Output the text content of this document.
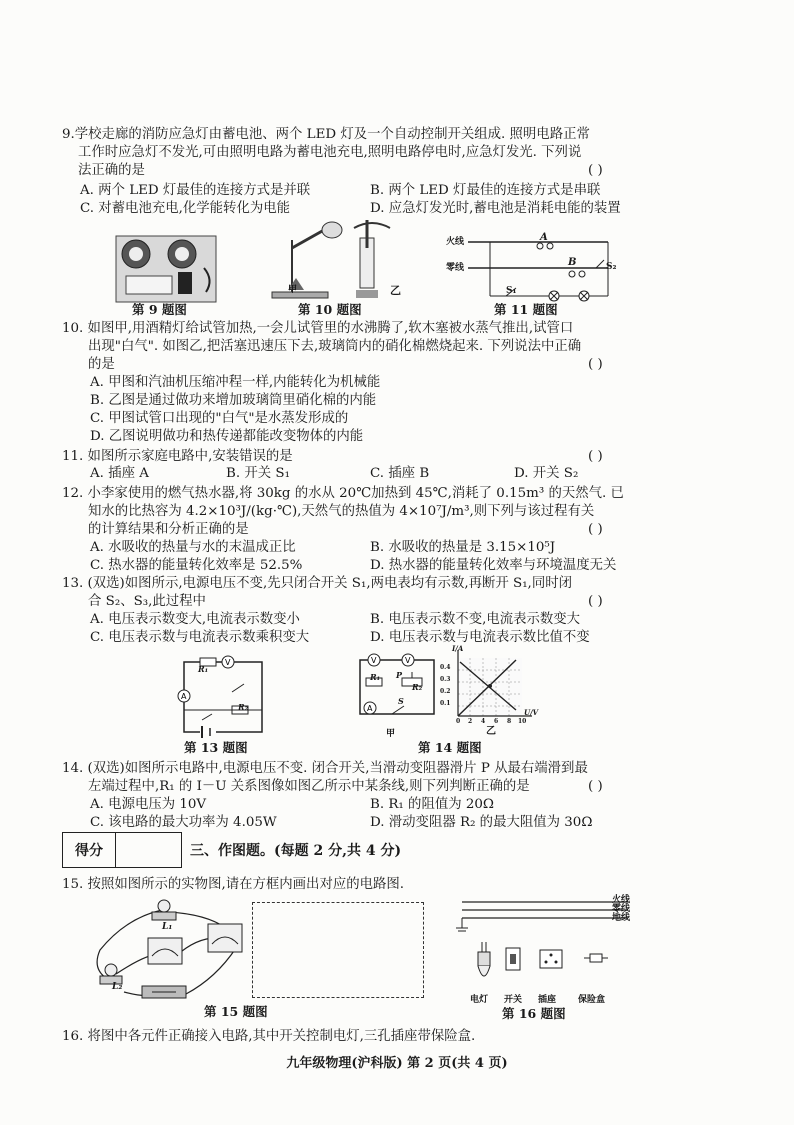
9.学校走廊的消防应急灯由蓄电池、两个 LED 灯及一个自动控制开关组成. 照明电路正常
工作时应急灯不发光,可由照明电路为蓄电池充电,照明电路停电时,应急灯发光. 下列说
法正确的是	( )
A. 两个 LED 灯最佳的连接方式是并联	B. 两个 LED 灯最佳的连接方式是串联
C. 对蓄电池充电,化学能转化为电能	D. 应急灯发光时,蓄电池是消耗电能的装置
第 9 题图
甲	乙
第 10 题图
火线
零线
A
B
S₁
S₂
第 11 题图
10. 如图甲,用酒精灯给试管加热,一会儿试管里的水沸腾了,软木塞被水蒸气推出,试管口
出现"白气". 如图乙,把活塞迅速压下去,玻璃筒内的硝化棉燃烧起来. 下列说法中正确
的是	( )
A. 甲图和汽油机压缩冲程一样,内能转化为机械能
B. 乙图是通过做功来增加玻璃筒里硝化棉的内能
C. 甲图试管口出现的"白气"是水蒸发形成的
D. 乙图说明做功和热传递都能改变物体的内能
11. 如图所示家庭电路中,安装错误的是	( )
A. 插座 A	B. 开关 S₁	C. 插座 B	D. 开关 S₂
12. 小李家使用的燃气热水器,将 30kg 的水从 20℃加热到 45℃,消耗了 0.15m³ 的天然气. 已
知水的比热容为 4.2×10³J/(kg·℃),天然气的热值为 4×10⁷J/m³,则下列与该过程有关
的计算结果和分析正确的是	( )
A. 水吸收的热量与水的末温成正比	B. 水吸收的热量是 3.15×10⁵J
C. 热水器的能量转化效率是 52.5%	D. 热水器的能量转化效率与环境温度无关
13. (双选)如图所示,电源电压不变,先只闭合开关 S₁,两电表均有示数,再断开 S₁,同时闭
合 S₂、S₃,此过程中	( )
A. 电压表示数变大,电流表示数变小	B. 电压表示数不变,电流表示数变大
C. 电压表示数与电流表示数乘积变大	D. 电压表示数与电流表示数比值不变
V
A
R₁
R₂
第 13 题图
V	V
A
R₁ P
R₂
S
甲
I/A
U/V
0.4
0.3
0.2
0.1
0 2 4 6 8 10
乙
第 14 题图
14. (双选)如图所示电路中,电源电压不变. 闭合开关,当滑动变阻器滑片 P 从最右端滑到最
左端过程中,R₁ 的 I－U 关系图像如图乙所示中某条线,则下列判断正确的是	( )
A. 电源电压为 10V	B. R₁ 的阻值为 20Ω
C. 该电路的最大功率为 4.05W	D. 滑动变阻器 R₂ 的最大阻值为 30Ω
得分	三、作图题。(每题 2 分,共 4 分)
15. 按照如图所示的实物图,请在方框内画出对应的电路图.
L₁
L₂
第 15 题图
火线
零线
地线
电灯 开关 插座 保险盒
第 16 题图
16. 将图中各元件正确接入电路,其中开关控制电灯,三孔插座带保险盒.
九年级物理(沪科版) 第 2 页(共 4 页)
